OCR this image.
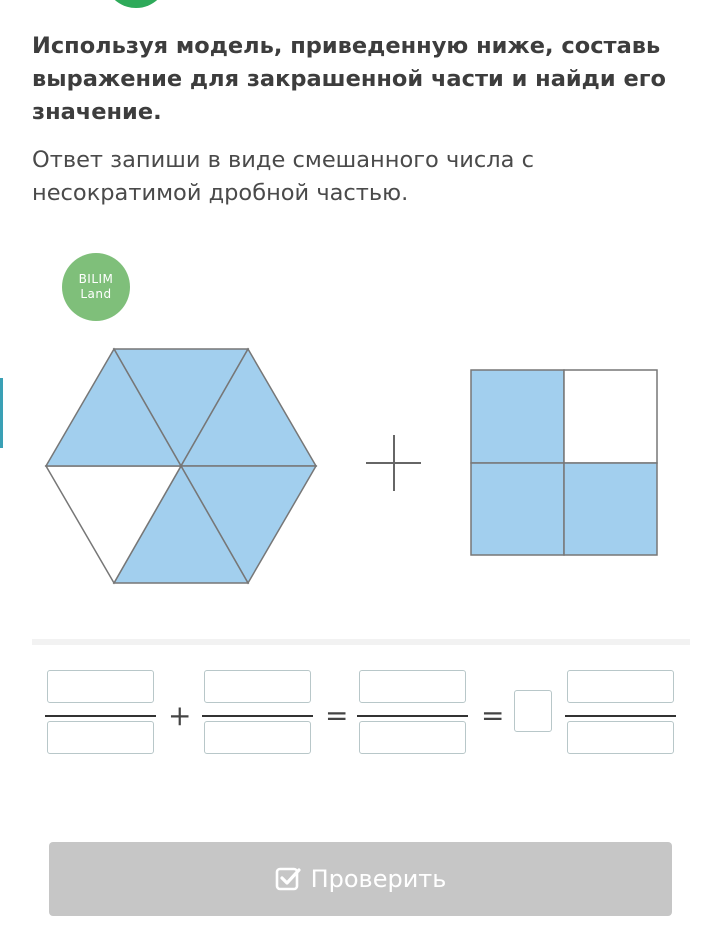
Используя модель, приведенную ниже, составь выражение для закрашенной части и найди его значение.

Ответ запиши в виде смешанного числа с несократимой дробной частью.

BILIM
Land
+	=	=
Проверить
